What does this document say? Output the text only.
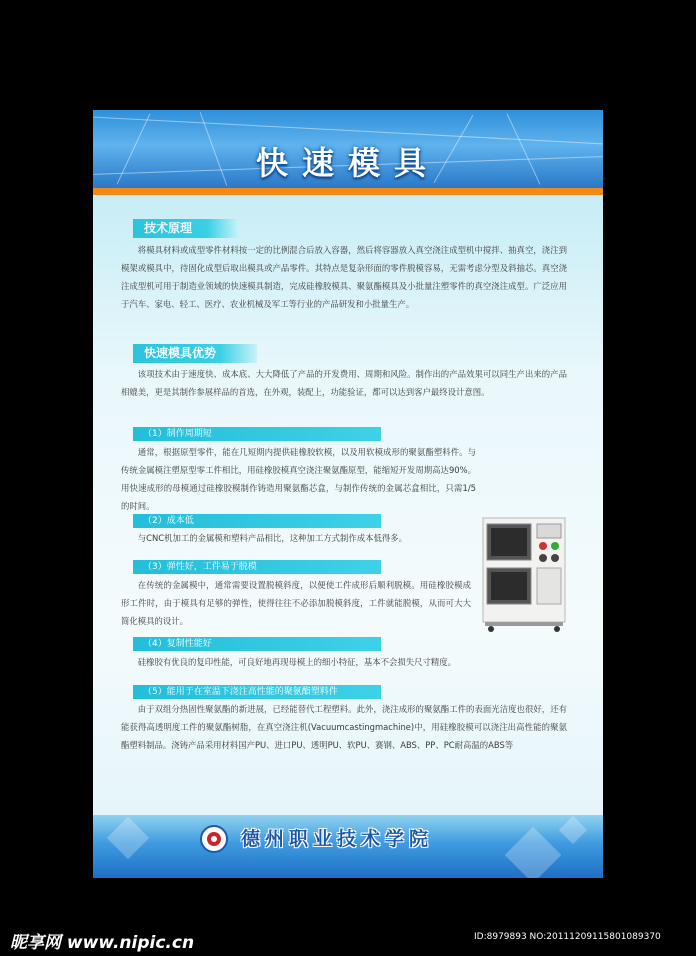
快速模具
技术原理
将模具材料或成型零件材料按一定的比例混合后放入容器，然后将容器放入真空浇注成型机中搅拌、抽真空，浇注到模架或模具中，待固化成型后取出模具或产品零件。其特点是复杂形面的零件脱模容易，无需考虑分型及斜抽芯。真空浇注成型机可用于制造业领域的快速模具制造，完成硅橡胶模具、聚氨酯模具及小批量注塑零件的真空浇注成型。广泛应用于汽车、家电、轻工、医疗、农业机械及军工等行业的产品研发和小批量生产。
快速模具优势
该项技术由于速度快、成本底、大大降低了产品的开发费用、周期和风险。制作出的产品效果可以同生产出来的产品相媲美，更是其制作参展样品的首选，在外观，装配上，功能验证，都可以达到客户最终设计意图。
（1）制作周期短
通常，根据原型零件，能在几短期内提供硅橡胶软模，以及用软模成形的聚氨酯塑料件。与传统金属模注塑原型零工件相比，用硅橡胶模真空浇注聚氨酯原型，能缩短开发周期高达90%。用快速成形的母模通过硅橡胶模制作铸造用聚氨酯芯盒，与制作传统的金属芯盒相比，只需1/5的时间。
（2）成本低
与CNC机加工的金属模和塑料产品相比，这种加工方式制作成本低得多。
（3）弹性好，工件易于脱模
在传统的金属模中，通常需要设置脱模斜度，以便使工件成形后顺利脱模。用硅橡胶模成形工件时，由于模具有足够的弹性，使得往往不必添加脱模斜度，工件就能脱模，从而可大大简化模具的设计。
（4）复制性能好
硅橡胶有优良的复印性能，可良好地再现母模上的细小特征，基本不会损失尺寸精度。
（5）能用于在室温下浇注高性能的聚氨酯塑料件
由于双组分热固性聚氨酯的新进展，已经能替代工程塑料。此外，浇注成形的聚氨酯工件的表面光洁度也很好，还有能获得高透明度工件的聚氨酯树脂，在真空浇注机(Vacuumcastingmachine)中，用硅橡胶模可以浇注出高性能的聚氨酯塑料制品。浇铸产品采用材料国产PU、进口PU、透明PU、软PU、赛钢、ABS、PP、PC耐高温的ABS等
德州职业技术学院
昵享网 www.nipic.cn	ID:8979893 NO:20111209115801089370
